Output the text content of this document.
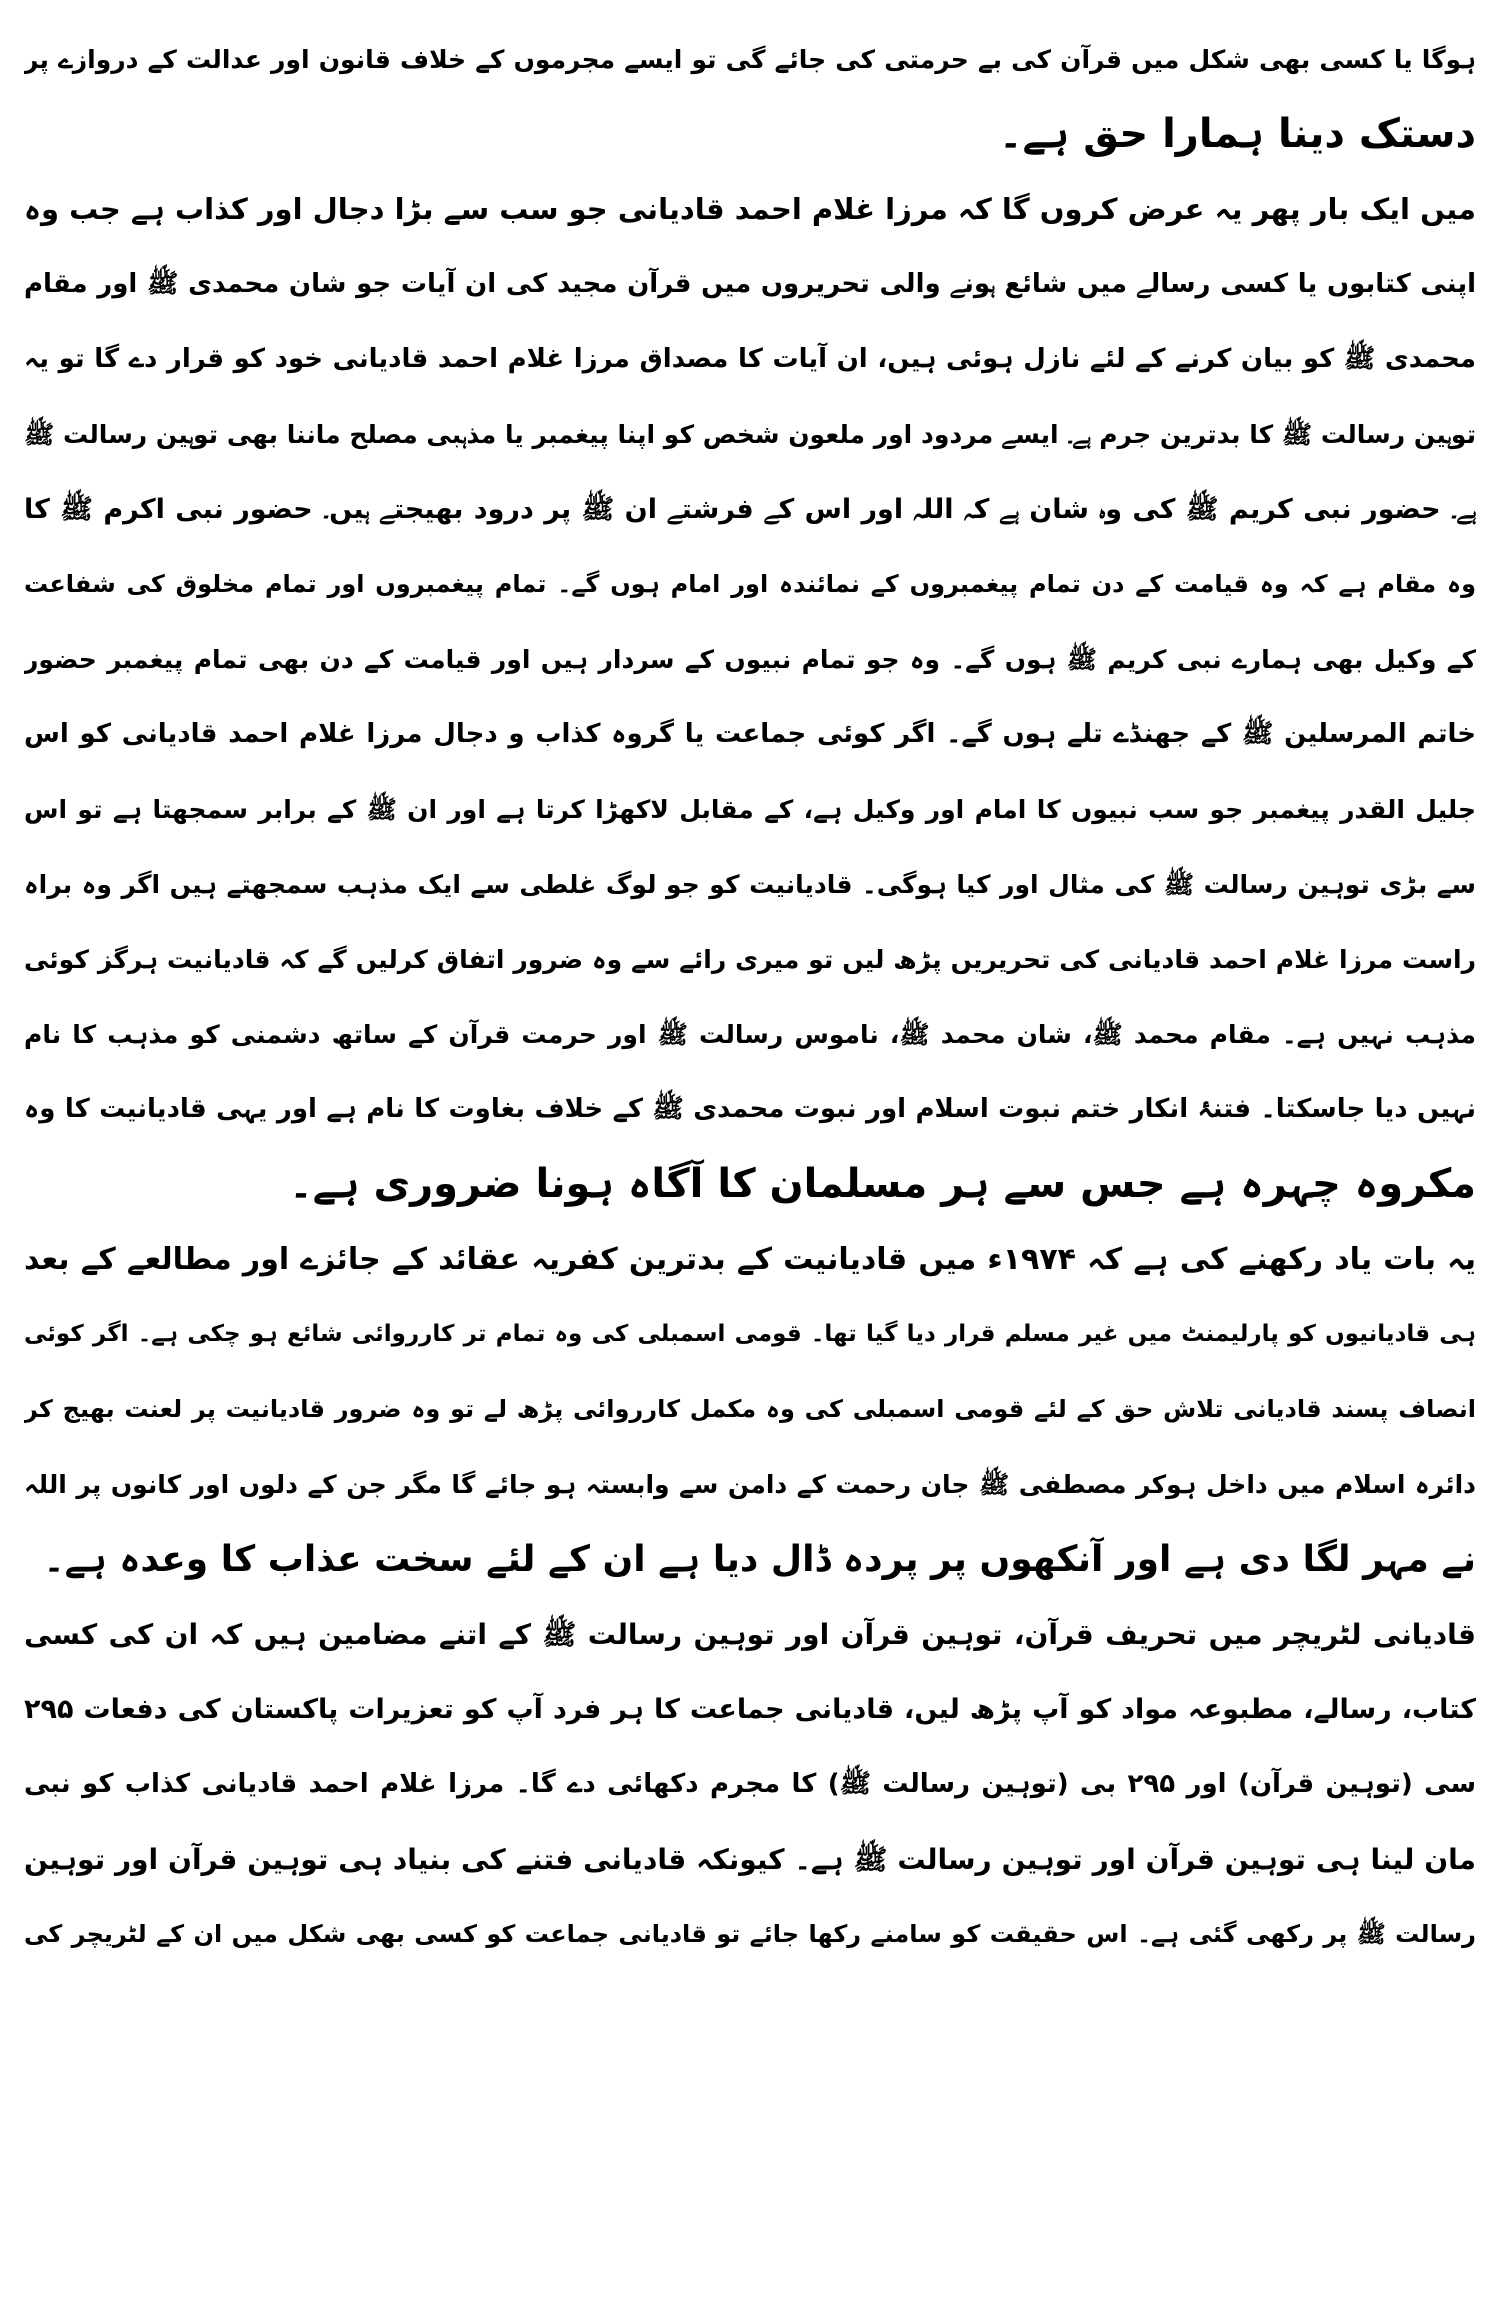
ہوگا یا کسی بھی شکل میں قرآن کی بے حرمتی کی جائے گی تو ایسے مجرموں کے خلاف قانون اور عدالت کے دروازے پر
دستک دینا ہمارا حق ہے۔
میں ایک بار پھر یہ عرض کروں گا کہ مرزا غلام احمد قادیانی جو سب سے بڑا دجال اور کذاب ہے جب وہ
اپنی کتابوں یا کسی رسالے میں شائع ہونے والی تحریروں میں قرآن مجید کی ان آیات جو شان محمدی ﷺ اور مقام
محمدی ﷺ کو بیان کرنے کے لئے نازل ہوئی ہیں، ان آیات کا مصداق مرزا غلام احمد قادیانی خود کو قرار دے گا تو یہ
توہین رسالت ﷺ کا بدترین جرم ہے۔ ایسے مردود اور ملعون شخص کو اپنا پیغمبر یا مذہبی مصلح ماننا بھی توہین رسالت ﷺ
ہے۔ حضور نبی کریم ﷺ کی وہ شان ہے کہ اللہ اور اس کے فرشتے ان ﷺ پر درود بھیجتے ہیں۔ حضور نبی اکرم ﷺ کا
وہ مقام ہے کہ وہ قیامت کے دن تمام پیغمبروں کے نمائندہ اور امام ہوں گے۔ تمام پیغمبروں اور تمام مخلوق کی شفاعت
کے وکیل بھی ہمارے نبی کریم ﷺ ہوں گے۔ وہ جو تمام نبیوں کے سردار ہیں اور قیامت کے دن بھی تمام پیغمبر حضور
خاتم المرسلین ﷺ کے جھنڈے تلے ہوں گے۔ اگر کوئی جماعت یا گروہ کذاب و دجال مرزا غلام احمد قادیانی کو اس
جلیل القدر پیغمبر جو سب نبیوں کا امام اور وکیل ہے، کے مقابل لاکھڑا کرتا ہے اور ان ﷺ کے برابر سمجھتا ہے تو اس
سے بڑی توہین رسالت ﷺ کی مثال اور کیا ہوگی۔ قادیانیت کو جو لوگ غلطی سے ایک مذہب سمجھتے ہیں اگر وہ براہ
راست مرزا غلام احمد قادیانی کی تحریریں پڑھ لیں تو میری رائے سے وہ ضرور اتفاق کرلیں گے کہ قادیانیت ہرگز کوئی
مذہب نہیں ہے۔ مقام محمد ﷺ، شان محمد ﷺ، ناموس رسالت ﷺ اور حرمت قرآن کے ساتھ دشمنی کو مذہب کا نام
نہیں دیا جاسکتا۔ فتنۂ انکار ختم نبوت اسلام اور نبوت محمدی ﷺ کے خلاف بغاوت کا نام ہے اور یہی قادیانیت کا وہ
مکروہ چہرہ ہے جس سے ہر مسلمان کا آگاہ ہونا ضروری ہے۔
یہ بات یاد رکھنے کی ہے کہ ۱۹۷۴ء میں قادیانیت کے بدترین کفریہ عقائد کے جائزے اور مطالعے کے بعد
ہی قادیانیوں کو پارلیمنٹ میں غیر مسلم قرار دیا گیا تھا۔ قومی اسمبلی کی وہ تمام تر کارروائی شائع ہو چکی ہے۔ اگر کوئی
انصاف پسند قادیانی تلاش حق کے لئے قومی اسمبلی کی وہ مکمل کارروائی پڑھ لے تو وہ ضرور قادیانیت پر لعنت بھیج کر
دائرہ اسلام میں داخل ہوکر مصطفی ﷺ جان رحمت کے دامن سے وابستہ ہو جائے گا مگر جن کے دلوں اور کانوں پر اللہ
نے مہر لگا دی ہے اور آنکھوں پر پردہ ڈال دیا ہے ان کے لئے سخت عذاب کا وعدہ ہے۔
قادیانی لٹریچر میں تحریف قرآن، توہین قرآن اور توہین رسالت ﷺ کے اتنے مضامین ہیں کہ ان کی کسی
کتاب، رسالے، مطبوعہ مواد کو آپ پڑھ لیں، قادیانی جماعت کا ہر فرد آپ کو تعزیرات پاکستان کی دفعات ۲۹۵
سی (توہین قرآن) اور ۲۹۵ بی (توہین رسالت ﷺ) کا مجرم دکھائی دے گا۔ مرزا غلام احمد قادیانی کذاب کو نبی
مان لینا ہی توہین قرآن اور توہین رسالت ﷺ ہے۔ کیونکہ قادیانی فتنے کی بنیاد ہی توہین قرآن اور توہین
رسالت ﷺ پر رکھی گئی ہے۔ اس حقیقت کو سامنے رکھا جائے تو قادیانی جماعت کو کسی بھی شکل میں ان کے لٹریچر کی
